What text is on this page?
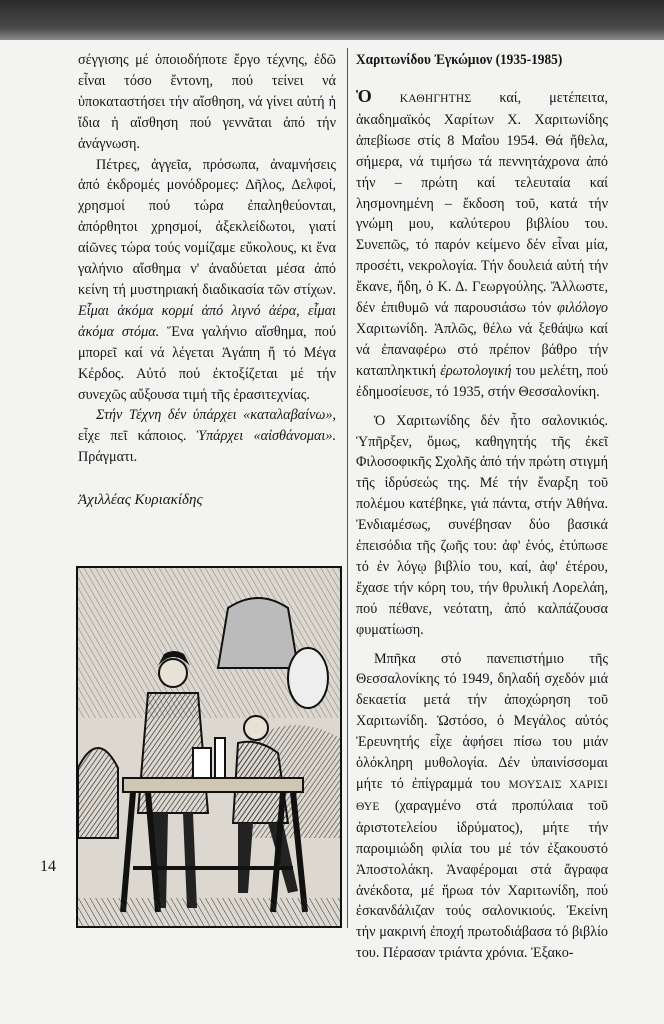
σέγγισης μέ ὁποιοδήποτε ἔργο τέχνης, ἐδῶ εἶναι τόσο ἔντονη, πού τείνει νά ὑποκαταστήσει τήν αἴσθηση, νά γίνει αὐτή ἡ ἴδια ἡ αἴσθηση πού γεννᾶται ἀπό τήν ἀνάγνωση.

Πέτρες, ἀγγεῖα, πρόσωπα, ἀναμνήσεις ἀπό ἐκδρομές μονόδρομες: Δῆλος, Δελφοί, χρησμοί πού τώρα ἐπαληθεύονται, ἀπόρθητοι χρησμοί, ἀξεκλείδωτοι, γιατί αἰῶνες τώρα τούς νομίζαμε εὔκολους, κι ἕνα γαλήνιο αἴσθημα ν' ἀναδύεται μέσα ἀπό κείνη τή μυστηριακή διαδικασία τῶν στίχων. Εἶμαι ἀκόμα κορμί ἀπό λιγνό ἀέρα, εἶμαι ἀκόμα στόμα. Ἕνα γαλήνιο αἴσθημα, πού μπορεῖ καί νά λέγεται Ἀγάπη ἤ τό Μέγα Κέρδος. Αὐτό πού ἐκτοξίζεται μέ τήν συνεχῶς αὔξουσα τιμή τῆς ἐρασιτεχνίας.

Στήν Τέχνη δέν ὑπάρχει «καταλαβαίνω», εἶχε πεῖ κάποιος. Ὑπάρχει «αἰσθάνομαι». Πράγματι.

Ἀχιλλέας Κυριακίδης

Χαριτωνίδου Ἐγκώμιον (1935-1985)

Ὁ ΚΑΘΗΓΗΤΗΣ καί, μετέπειτα, ἀκαδημαϊκός Χαρίτων Χ. Χαριτωνίδης ἀπεβίωσε στίς 8 Μαΐου 1954. Θά ἤθελα, σήμερα, νά τιμήσω τά πεννητάχρονα ἀπό τήν – πρώτη καί τελευταία καί λησμονημένη – ἔκδοση τοῦ, κατά τήν γνώμη μου, καλύτερου βιβλίου του. Συνεπῶς, τό παρόν κείμενο δέν εἶναι μία, προσέτι, νεκρολογία. Τήν δουλειά αὐτή τήν ἔκανε, ἤδη, ὁ Κ. Δ. Γεωργούλης. Ἄλλωστε, δέν ἐπιθυμῶ νά παρουσιάσω τόν φιλόλογο Χαριτωνίδη. Ἁπλῶς, θέλω νά ξεθάψω καί νά ἐπαναφέρω στό πρέπον βάθρο τήν καταπληκτική ἐρωτολογική του μελέτη, πού ἐδημοσίευσε, τό 1935, στήν Θεσσαλονίκη.

Ὁ Χαριτωνίδης δέν ἦτο σαλονικιός. Ὑπῆρξεν, ὅμως, καθηγητής τῆς ἐκεῖ Φιλοσοφικῆς Σχολῆς ἀπό τήν πρώτη στιγμή τῆς ἱδρύσεώς της. Μέ τήν ἔναρξη τοῦ πολέμου κατέβηκε, γιά πάντα, στήν Ἀθήνα. Ἐνδιαμέσως, συνέβησαν δύο βασικά ἐπεισόδια τῆς ζωῆς του: ἀφ' ἑνός, ἐτύπωσε τό ἐν λόγῳ βιβλίο του, καί, ἀφ' ἑτέρου, ἔχασε τήν κόρη του, τήν θρυλική Λορελάη, πού πέθανε, νεότατη, ἀπό καλπάζουσα φυματίωση.

Μπῆκα στό πανεπιστήμιο τῆς Θεσσαλονίκης τό 1949, δηλαδή σχεδόν μιά δεκαετία μετά τήν ἀποχώρηση τοῦ Χαριτωνίδη. Ὡστόσο, ὁ Μεγάλος αὐτός Ἐρευνητής εἶχε ἀφήσει πίσω του μιάν ὁλόκληρη μυθολογία. Δέν ὑπαινίσσομαι μήτε τό ἐπίγραμμά του ΜΟΥΣΑΙΣ ΧΑΡΙΣΙ ΘΥΕ (χαραγμένο στά προπύλαια τοῦ ἀριστοτελείου ἱδρύματος), μήτε τήν παροιμιώδη φιλία του μέ τόν ἐξακουστό Ἀποστολάκη. Ἀναφέρομαι στά ἄγραφα ἀνέκδοτα, μέ ἥρωα τόν Χαριτωνίδη, πού ἐσκανδάλιζαν τούς σαλονικιούς. Ἐκείνη τήν μακρινή ἐποχή πρωτοδιάβασα τό βιβλίο του. Πέρασαν τριάντα χρόνια. Ἐξακο-

14
